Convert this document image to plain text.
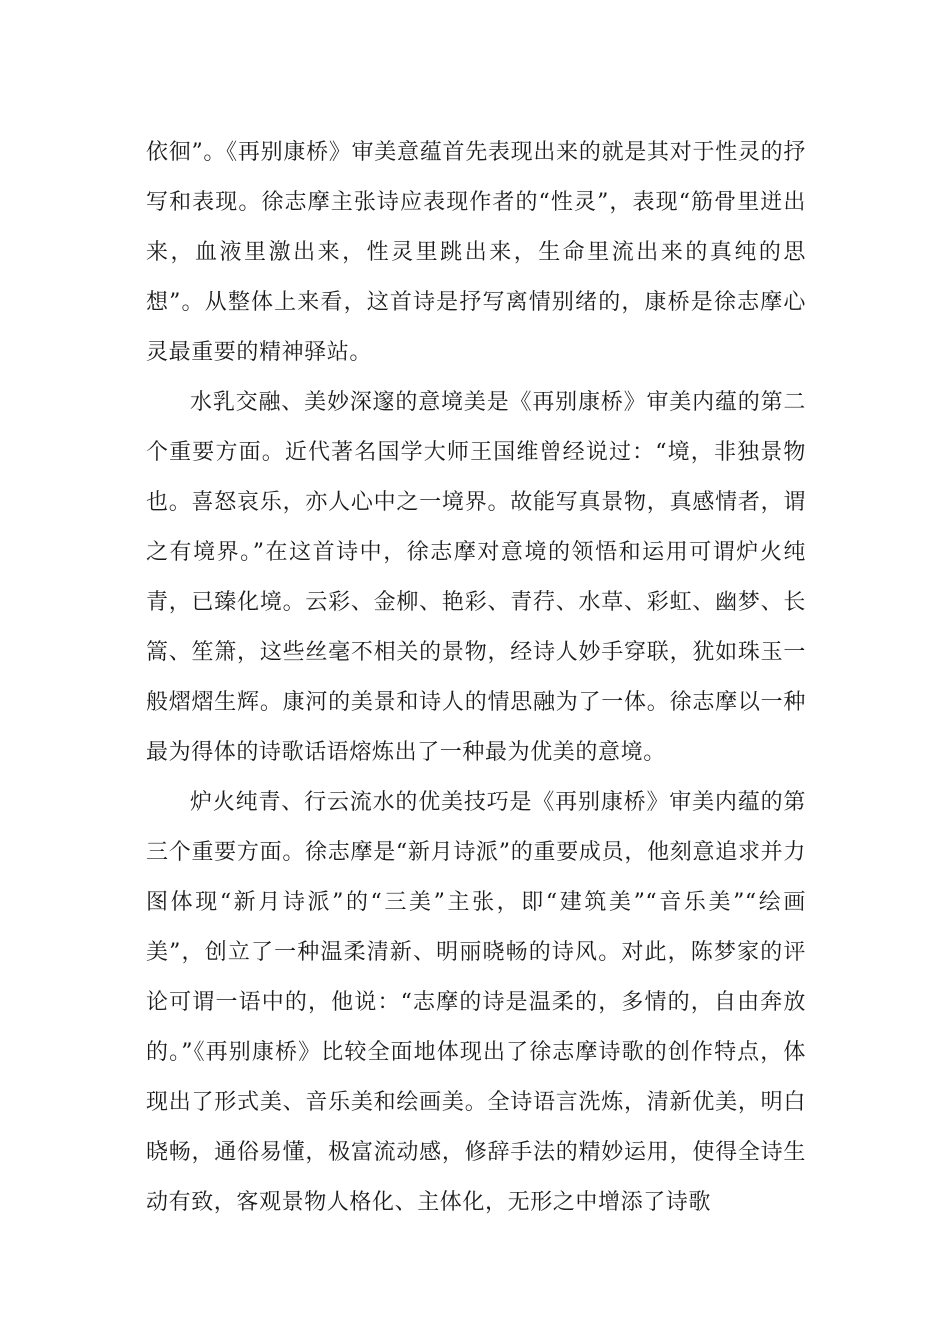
依徊”。《再别康桥》审美意蕴首先表现出来的就是其对于性灵的抒写和表现。徐志摩主张诗应表现作者的“性灵”，表现“筋骨里迸出来，血液里激出来，性灵里跳出来，生命里流出来的真纯的思想”。从整体上来看，这首诗是抒写离情别绪的，康桥是徐志摩心灵最重要的精神驿站。

水乳交融、美妙深邃的意境美是《再别康桥》审美内蕴的第二个重要方面。近代著名国学大师王国维曾经说过：“境，非独景物也。喜怒哀乐，亦人心中之一境界。故能写真景物，真感情者，谓之有境界。”在这首诗中，徐志摩对意境的领悟和运用可谓炉火纯青，已臻化境。云彩、金柳、艳彩、青荇、水草、彩虹、幽梦、长篙、笙箫，这些丝毫不相关的景物，经诗人妙手穿联，犹如珠玉一般熠熠生辉。康河的美景和诗人的情思融为了一体。徐志摩以一种最为得体的诗歌话语熔炼出了一种最为优美的意境。

炉火纯青、行云流水的优美技巧是《再别康桥》审美内蕴的第三个重要方面。徐志摩是“新月诗派”的重要成员，他刻意追求并力图体现“新月诗派”的“三美”主张，即“建筑美”“音乐美”“绘画美”，创立了一种温柔清新、明丽晓畅的诗风。对此，陈梦家的评论可谓一语中的，他说：“志摩的诗是温柔的，多情的，自由奔放的。”《再别康桥》比较全面地体现出了徐志摩诗歌的创作特点，体现出了形式美、音乐美和绘画美。全诗语言洗炼，清新优美，明白晓畅，通俗易懂，极富流动感，修辞手法的精妙运用，使得全诗生动有致，客观景物人格化、主体化，无形之中增添了诗歌
